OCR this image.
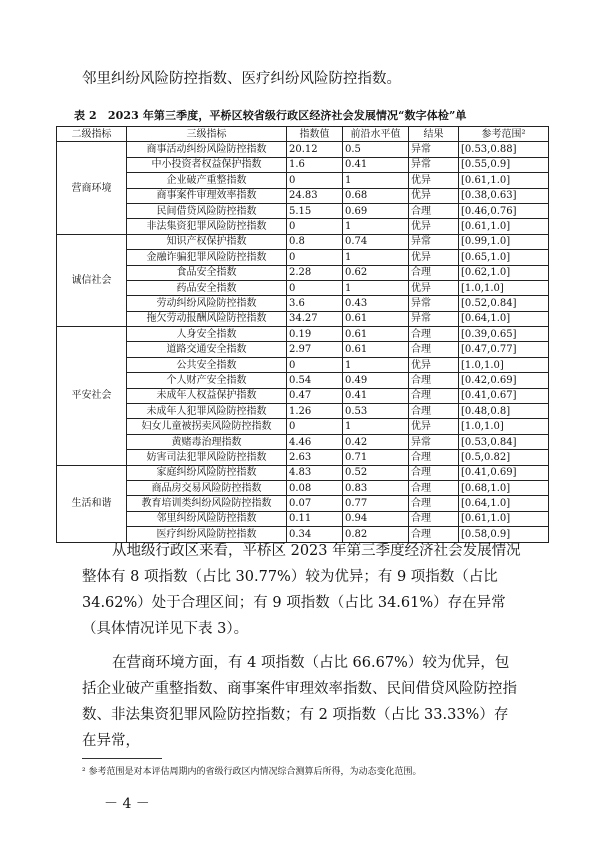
邻里纠纷风险防控指数、医疗纠纷风险防控指数。

表 2　2023 年第三季度，平桥区较省级行政区经济社会发展情况“数字体检”单
二级指标	三级指标	指数值	前沿水平值	结果	参考范围²
营商环境	商事活动纠纷风险防控指数	20.12	0.5	异常	[0.53,0.88]
	中小投资者权益保护指数	1.6	0.41	异常	[0.55,0.9]
	企业破产重整指数	0	1	优异	[0.61,1.0]
	商事案件审理效率指数	24.83	0.68	优异	[0.38,0.63]
	民间借贷风险防控指数	5.15	0.69	合理	[0.46,0.76]
	非法集资犯罪风险防控指数	0	1	优异	[0.61,1.0]
诚信社会	知识产权保护指数	0.8	0.74	异常	[0.99,1.0]
	金融诈骗犯罪风险防控指数	0	1	优异	[0.65,1.0]
	食品安全指数	2.28	0.62	合理	[0.62,1.0]
	药品安全指数	0	1	优异	[1.0,1.0]
	劳动纠纷风险防控指数	3.6	0.43	异常	[0.52,0.84]
	拖欠劳动报酬风险防控指数	34.27	0.61	异常	[0.64,1.0]
平安社会	人身安全指数	0.19	0.61	合理	[0.39,0.65]
	道路交通安全指数	2.97	0.61	合理	[0.47,0.77]
	公共安全指数	0	1	优异	[1.0,1.0]
	个人财产安全指数	0.54	0.49	合理	[0.42,0.69]
	未成年人权益保护指数	0.47	0.41	合理	[0.41,0.67]
	未成年人犯罪风险防控指数	1.26	0.53	合理	[0.48,0.8]
	妇女儿童被拐卖风险防控指数	0	1	优异	[1.0,1.0]
	黄赌毒治理指数	4.46	0.42	异常	[0.53,0.84]
	妨害司法犯罪风险防控指数	2.63	0.71	合理	[0.5,0.82]
生活和谐	家庭纠纷风险防控指数	4.83	0.52	合理	[0.41,0.69]
	商品房交易风险防控指数	0.08	0.83	合理	[0.68,1.0]
	教育培训类纠纷风险防控指数	0.07	0.77	合理	[0.64,1.0]
	邻里纠纷风险防控指数	0.11	0.94	合理	[0.61,1.0]
	医疗纠纷风险防控指数	0.34	0.82	合理	[0.58,0.9]

从地级行政区来看，平桥区 2023 年第三季度经济社会发展情况整体有 8 项指数（占比 30.77%）较为优异；有 9 项指数（占比 34.62%）处于合理区间；有 9 项指数（占比 34.61%）存在异常（具体情况详见下表 3）。

在营商环境方面，有 4 项指数（占比 66.67%）较为优异，包括企业破产重整指数、商事案件审理效率指数、民间借贷风险防控指数、非法集资犯罪风险防控指数；有 2 项指数（占比 33.33%）存在异常，

² 参考范围是对本评估周期内的省级行政区内情况综合测算后所得，为动态变化范围。
－ 4 －
